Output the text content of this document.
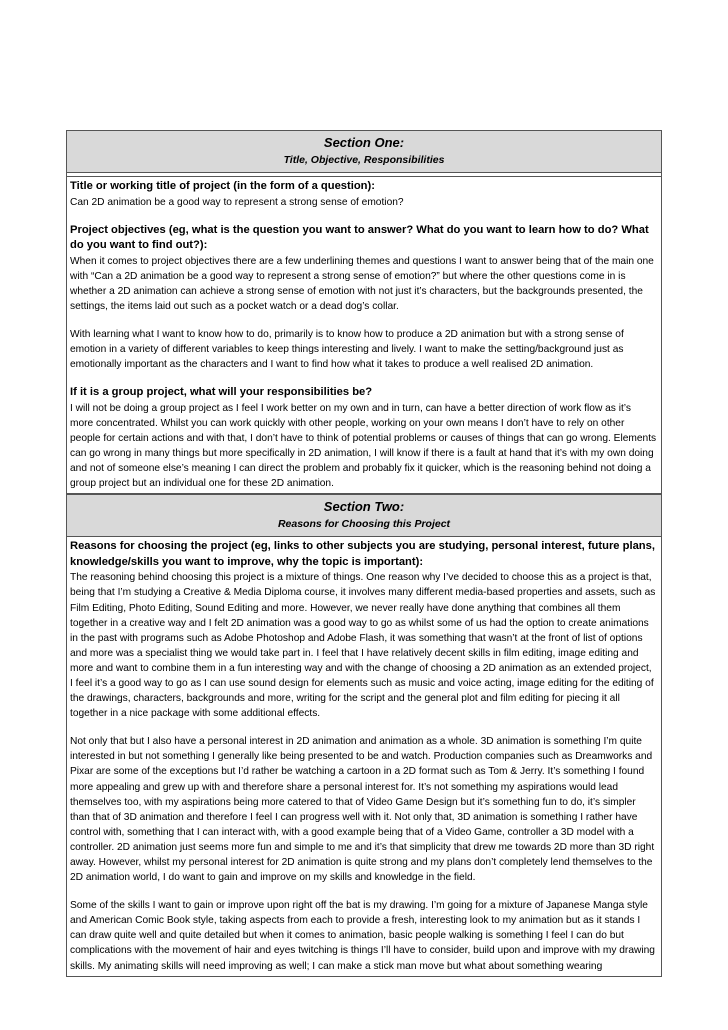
Section One:
Title, Objective, Responsibilities

Title or working title of project (in the form of a question):

Can 2D animation be a good way to represent a strong sense of emotion?

Project objectives (eg, what is the question you want to answer? What do you want to learn how to do? What do you want to find out?):

When it comes to project objectives there are a few underlining themes and questions I want to answer being that of the main one with “Can a 2D animation be a good way to represent a strong sense of emotion?” but where the other questions come in is whether a 2D animation can achieve a strong sense of emotion with not just it’s characters, but the backgrounds presented, the settings, the items laid out such as a pocket watch or a dead dog’s collar.

With learning what I want to know how to do, primarily is to know how to produce a 2D animation but with a strong sense of emotion in a variety of different variables to keep things interesting and lively. I want to make the setting/background just as emotionally important as the characters and I want to find how what it takes to produce a well realised 2D animation.

If it is a group project, what will your responsibilities be?

I will not be doing a group project as I feel I work better on my own and in turn, can have a better direction of work flow as it’s more concentrated. Whilst you can work quickly with other people, working on your own means I don’t have to rely on other people for certain actions and with that, I don’t have to think of potential problems or causes of things that can go wrong. Elements can go wrong in many things but more specifically in 2D animation, I will know if there is a fault at hand that it’s with my own doing and not of someone else’s meaning I can direct the problem and probably fix it quicker, which is the reasoning behind not doing a group project but an individual one for these 2D animation.

Section Two:
Reasons for Choosing this Project

Reasons for choosing the project (eg, links to other subjects you are studying, personal interest, future plans, knowledge/skills you want to improve, why the topic is important):

The reasoning behind choosing this project is a mixture of things. One reason why I’ve decided to choose this as a project is that, being that I’m studying a Creative & Media Diploma course, it involves many different media-based properties and assets, such as Film Editing, Photo Editing, Sound Editing and more. However, we never really have done anything that combines all them together in a creative way and I felt 2D animation was a good way to go as whilst some of us had the option to create animations in the past with programs such as Adobe Photoshop and Adobe Flash, it was something that wasn’t at the front of list of options and more was a specialist thing we would take part in. I feel that I have relatively decent skills in film editing, image editing and more and want to combine them in a fun interesting way and with the change of choosing a 2D animation as an extended project, I feel it’s a good way to go as I can use sound design for elements such as music and voice acting, image editing for the editing of the drawings, characters, backgrounds and more, writing for the script and the general plot and film editing for piecing it all together in a nice package with some additional effects.

Not only that but I also have a personal interest in 2D animation and animation as a whole. 3D animation is something I’m quite interested in but not something I generally like being presented to be and watch. Production companies such as Dreamworks and Pixar are some of the exceptions but I’d rather be watching a cartoon in a 2D format such as Tom & Jerry. It’s something I found more appealing and grew up with and therefore share a personal interest for. It’s not something my aspirations would lead themselves too, with my aspirations being more catered to that of Video Game Design but it’s something fun to do, it’s simpler than that of 3D animation and therefore I feel I can progress well with it. Not only that, 3D animation is something I rather have control with, something that I can interact with, with a good example being that of a Video Game, controller a 3D model with a controller. 2D animation just seems more fun and simple to me and it’s that simplicity that drew me towards 2D more than 3D right away. However, whilst my personal interest for 2D animation is quite strong and my plans don’t completely lend themselves to the 2D animation world, I do want to gain and improve on my skills and knowledge in the field.

Some of the skills I want to gain or improve upon right off the bat is my drawing. I’m going for a mixture of Japanese Manga style and American Comic Book style, taking aspects from each to provide a fresh, interesting look to my animation but as it stands I can draw quite well and quite detailed but when it comes to animation, basic people walking is something I feel I can do but complications with the movement of hair and eyes twitching is things I’ll have to consider, build upon and improve with my drawing skills. My animating skills will need improving as well; I can make a stick man move but what about something wearing
